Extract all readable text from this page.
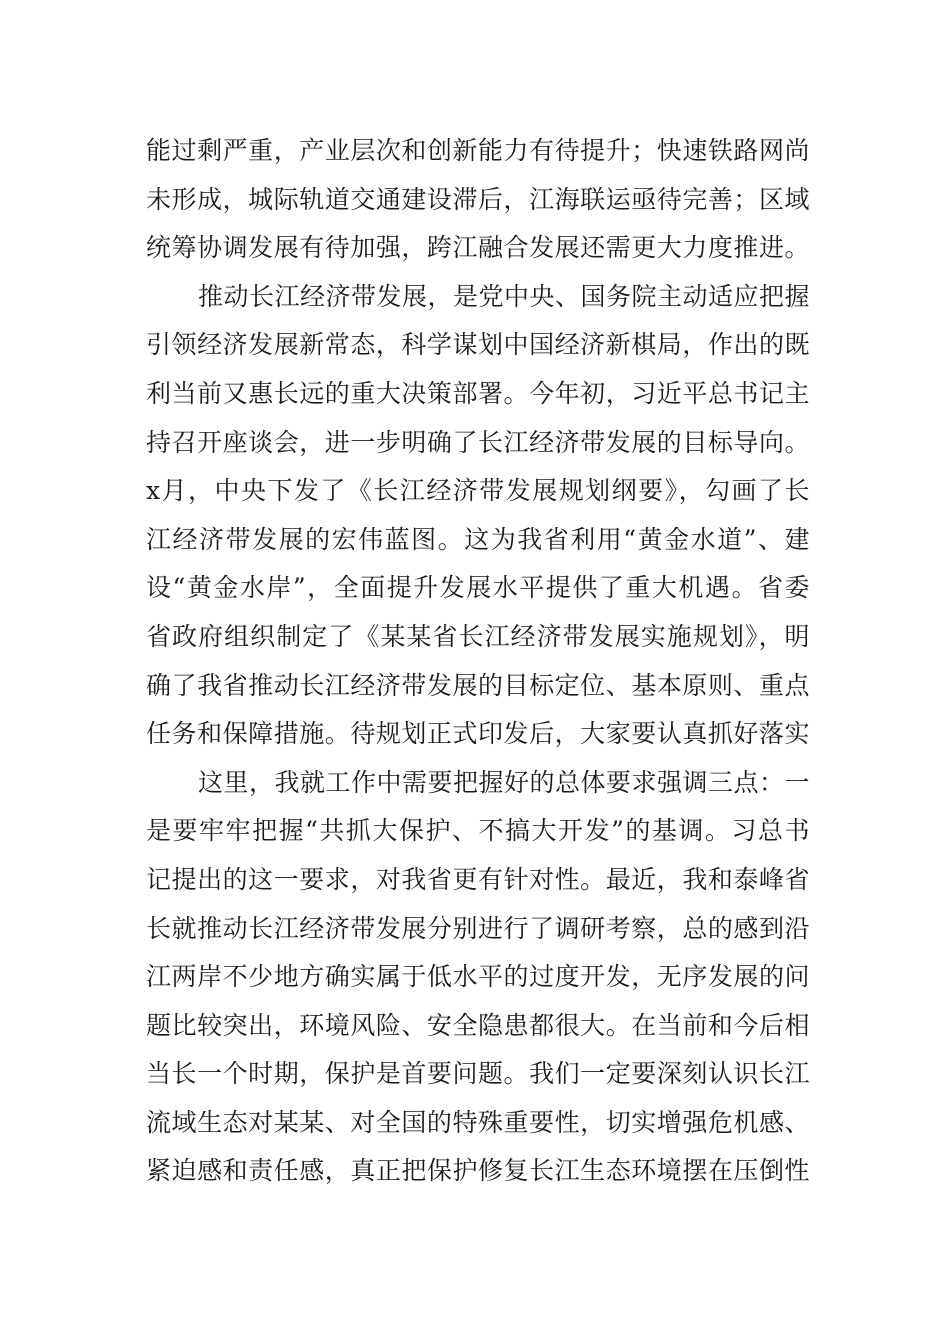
能过剩严重，产业层次和创新能力有待提升；快速铁路网尚
未形成，城际轨道交通建设滞后，江海联运亟待完善；区域
统筹协调发展有待加强，跨江融合发展还需更大力度推进。
推动长江经济带发展，是党中央、国务院主动适应把握
引领经济发展新常态，科学谋划中国经济新棋局，作出的既
利当前又惠长远的重大决策部署。今年初，习近平总书记主
持召开座谈会，进一步明确了长江经济带发展的目标导向。
x月，中央下发了《长江经济带发展规划纲要》，勾画了长
江经济带发展的宏伟蓝图。这为我省利用“黄金水道”、建
设“黄金水岸”，全面提升发展水平提供了重大机遇。省委
省政府组织制定了《某某省长江经济带发展实施规划》，明
确了我省推动长江经济带发展的目标定位、基本原则、重点
任务和保障措施。待规划正式印发后，大家要认真抓好落实
这里，我就工作中需要把握好的总体要求强调三点：一
是要牢牢把握“共抓大保护、不搞大开发”的基调。习总书
记提出的这一要求，对我省更有针对性。最近，我和泰峰省
长就推动长江经济带发展分别进行了调研考察，总的感到沿
江两岸不少地方确实属于低水平的过度开发，无序发展的问
题比较突出，环境风险、安全隐患都很大。在当前和今后相
当长一个时期，保护是首要问题。我们一定要深刻认识长江
流域生态对某某、对全国的特殊重要性，切实增强危机感、
紧迫感和责任感，真正把保护修复长江生态环境摆在压倒性
